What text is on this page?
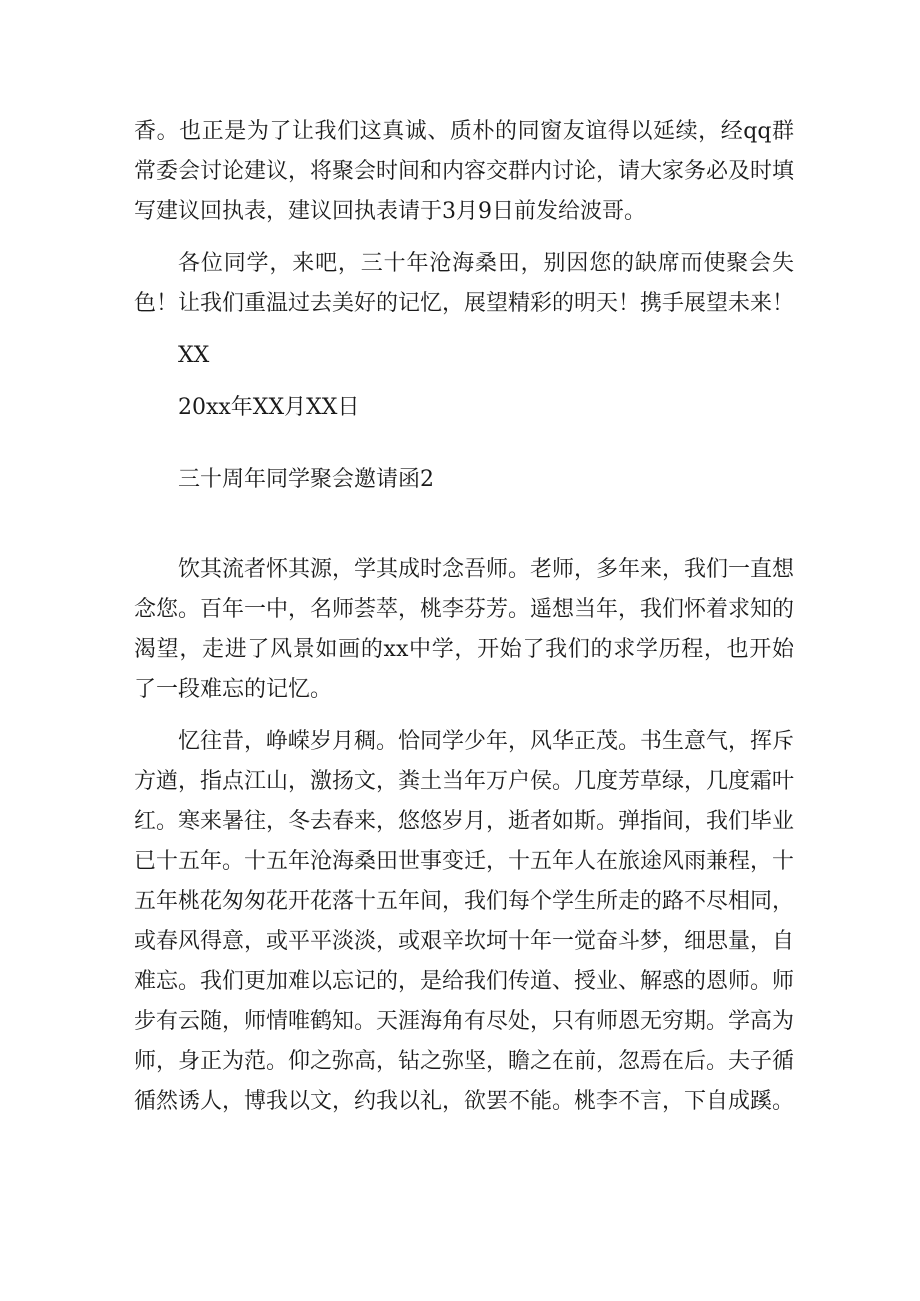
香。也正是为了让我们这真诚、质朴的同窗友谊得以延续，经qq群常委会讨论建议，将聚会时间和内容交群内讨论，请大家务必及时填写建议回执表，建议回执表请于3月9日前发给波哥。

各位同学，来吧，三十年沧海桑田，别因您的缺席而使聚会失色！让我们重温过去美好的记忆，展望精彩的明天！携手展望未来！

XX

20xx年XX月XX日

三十周年同学聚会邀请函2

饮其流者怀其源，学其成时念吾师。老师，多年来，我们一直想念您。百年一中，名师荟萃，桃李芬芳。遥想当年，我们怀着求知的渴望，走进了风景如画的xx中学，开始了我们的求学历程，也开始了一段难忘的记忆。

忆往昔，峥嵘岁月稠。恰同学少年，风华正茂。书生意气，挥斥方遒，指点江山，激扬文，粪土当年万户侯。几度芳草绿，几度霜叶红。寒来暑往，冬去春来，悠悠岁月，逝者如斯。弹指间，我们毕业已十五年。十五年沧海桑田世事变迁，十五年人在旅途风雨兼程，十五年桃花匆匆花开花落十五年间，我们每个学生所走的路不尽相同，或春风得意，或平平淡淡，或艰辛坎坷十年一觉奋斗梦，细思量，自难忘。我们更加难以忘记的，是给我们传道、授业、解惑的恩师。师步有云随，师情唯鹤知。天涯海角有尽处，只有师恩无穷期。学高为师，身正为范。仰之弥高，钻之弥坚，瞻之在前，忽焉在后。夫子循循然诱人，博我以文，约我以礼，欲罢不能。桃李不言，下自成蹊。
